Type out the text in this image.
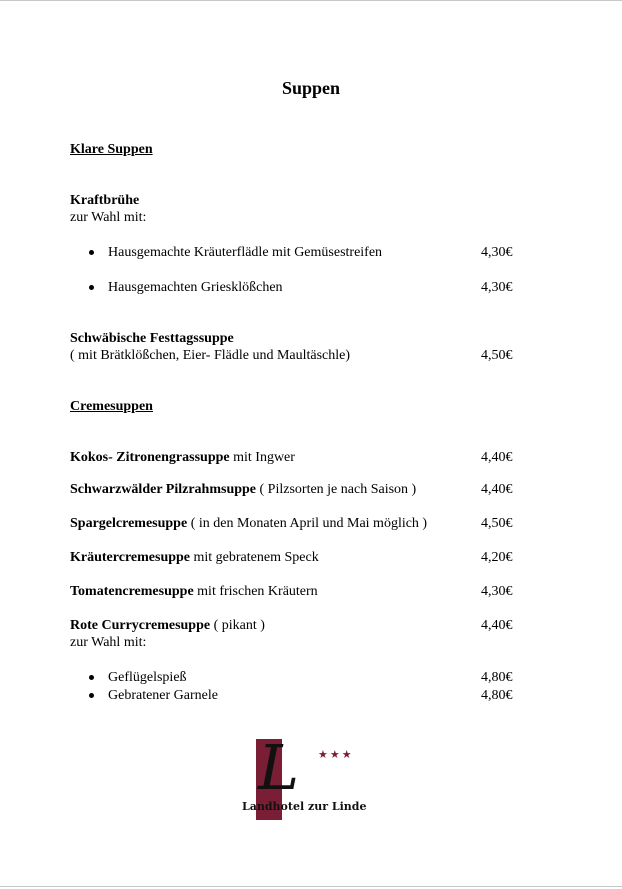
Suppen
Klare Suppen
Kraftbrühe
zur Wahl mit:
Hausgemachte Kräuterflädle mit Gemüsestreifen	4,30€
Hausgemachten Griesklößchen	4,30€
Schwäbische Festtagssuppe
( mit Brätklößchen, Eier- Flädle und Maultäschle)	4,50€
Cremesuppen
Kokos- Zitronengrassuppe mit Ingwer	4,40€
Schwarzwälder Pilzrahmsuppe ( Pilzsorten je nach Saison )	4,40€
Spargelcremesuppe ( in den Monaten April und Mai möglich )	4,50€
Kräutercremesuppe mit gebratenem Speck	4,20€
Tomatencremesuppe mit frischen Kräutern	4,30€
Rote Currycremesuppe ( pikant )	4,40€
zur Wahl mit:
Geflügelspieß	4,80€
Gebratener Garnele	4,80€
L ★★★
Landhotel zur Linde
